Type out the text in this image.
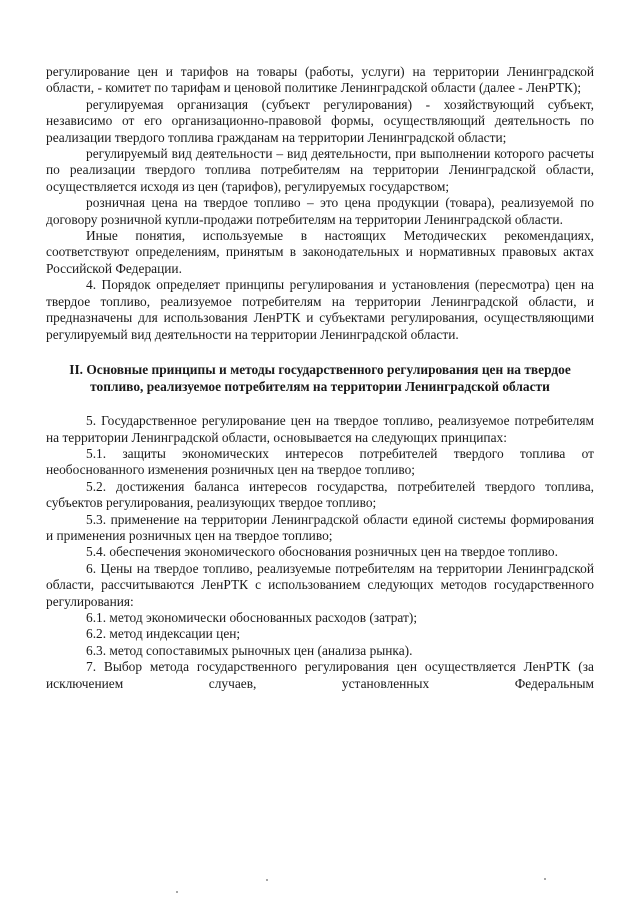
регулирование цен и тарифов на товары (работы, услуги) на территории Ленинградской области, - комитет по тарифам и ценовой политике Ленинградской области (далее - ЛенРТК);

регулируемая организация (субъект регулирования) - хозяйствующий субъект, независимо от его организационно-правовой формы, осуществляющий деятельность по реализации твердого топлива гражданам на территории Ленинградской области;

регулируемый вид деятельности – вид деятельности, при выполнении которого расчеты по реализации твердого топлива потребителям на территории Ленинградской области, осуществляется исходя из цен (тарифов), регулируемых государством;

розничная цена на твердое топливо – это цена продукции (товара), реализуемой по договору розничной купли-продажи потребителям на территории Ленинградской области.

Иные понятия, используемые в настоящих Методических рекомендациях, соответствуют определениям, принятым в законодательных и нормативных правовых актах Российской Федерации.

4. Порядок определяет принципы регулирования и установления (пересмотра) цен на твердое топливо, реализуемое потребителям на территории Ленинградской области, и предназначены для использования ЛенРТК и субъектами регулирования, осуществляющими регулируемый вид деятельности на территории Ленинградской области.

II. Основные принципы и методы государственного регулирования цен на твердое топливо, реализуемое потребителям на территории Ленинградской области

5. Государственное регулирование цен на твердое топливо, реализуемое потребителям на территории Ленинградской области, основывается на следующих принципах:

5.1. защиты экономических интересов потребителей твердого топлива от необоснованного изменения розничных цен на твердое топливо;

5.2. достижения баланса интересов государства, потребителей твердого топлива, субъектов регулирования, реализующих твердое топливо;

5.3. применение на территории Ленинградской области единой системы формирования и применения розничных цен на твердое топливо;

5.4. обеспечения экономического обоснования розничных цен на твердое топливо.

6. Цены на твердое топливо, реализуемые потребителям на территории Ленинградской области, рассчитываются ЛенРТК с использованием следующих методов государственного регулирования:

6.1. метод экономически обоснованных расходов (затрат);

6.2. метод индексации цен;

6.3. метод сопоставимых рыночных цен (анализа рынка).

7. Выбор метода государственного регулирования цен осуществляется ЛенРТК (за исключением случаев, установленных Федеральным
